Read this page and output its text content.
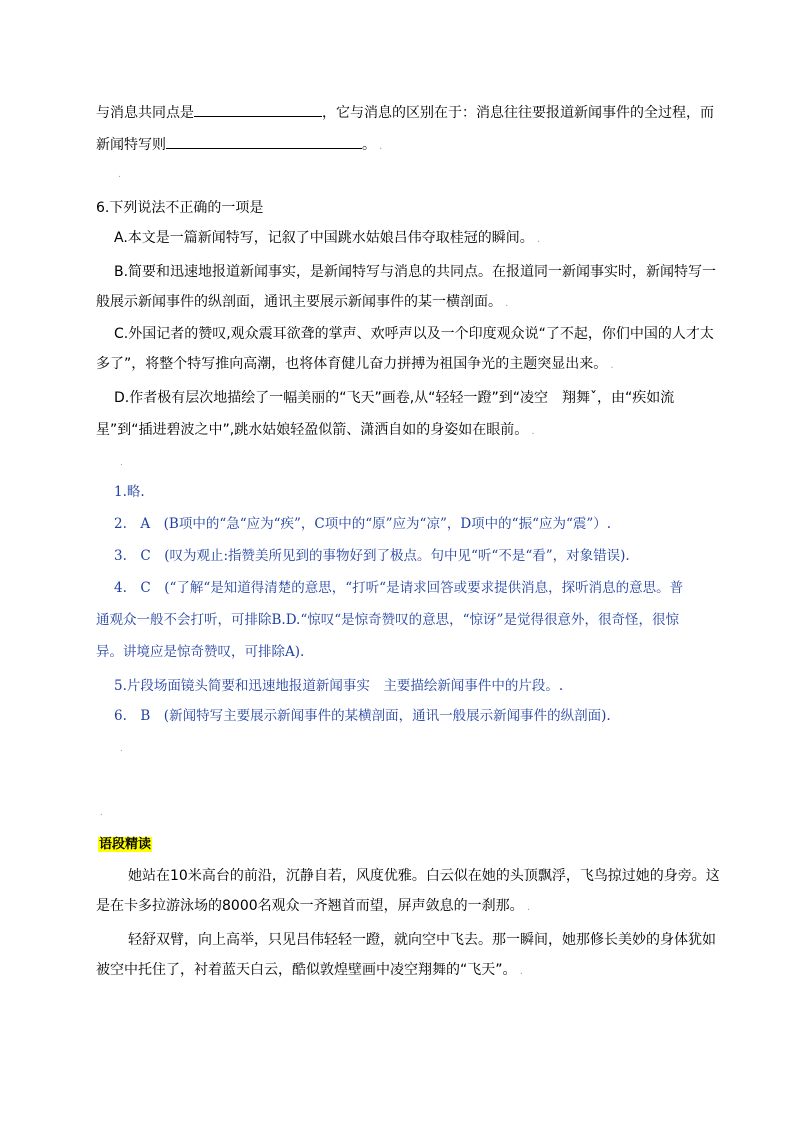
与消息共同点是	，它与消息的区别在于：消息往往要报道新闻事件的全过程，而
新闻特写则	。 .
.
6.下列说法不正确的一项是
A.本文是一篇新闻特写，记叙了中国跳水姑娘吕伟夺取桂冠的瞬间。 .
B.简要和迅速地报道新闻事实，是新闻特写与消息的共同点。在报道同一新闻事实时，新闻特写一
般展示新闻事件的纵剖面，通讯主要展示新闻事件的某一横剖面。 .
C.外国记者的赞叹,观众震耳欲聋的掌声、欢呼声以及一个印度观众说“了不起，你们中国的人才太
多了”，将整个特写推向高潮，也将体育健儿奋力拼搏为祖国争光的主题突显出来。 .
D.作者极有层次地描绘了一幅美丽的“飞天”画卷,从“轻轻一蹬”到“凌空　翔舞ˇ，由“疾如流
星”到“插进碧波之中”,跳水姑娘轻盈似箭、潇洒自如的身姿如在眼前。 .
.
1.略.
2.　A　(B项中的“急“应为“疾”，C项中的“原”应为“凉”，D项中的“振“应为“震”）.
3.　C　(叹为观止:指赞美所见到的事物好到了极点。句中见“听“不是“看”，对象错误).
4.　C　(“了解“是知道得清楚的意思，“打听“是请求回答或要求提供消息，探听消息的意思。普
通观众一般不会打听，可排除B.D.“惊叹“是惊奇赞叹的意思，“惊讶”是觉得很意外，很奇怪，很惊
异。讲境应是惊奇赞叹，可排除A).
5.片段场面镜头简要和迅速地报道新闻事实　主要描绘新闻事件中的片段。.
6.　B　(新闻特写主要展示新闻事件的某横剖面，通讯一般展示新闻事件的纵剖面).
.
.
语段精读
她站在10米高台的前沿，沉静自若，风度优雅。白云似在她的头顶飘浮，飞鸟掠过她的身旁。这
是在卡多拉游泳场的8000名观众一齐翘首而望，屏声敛息的一刹那。 .
轻舒双臂，向上高举，只见吕伟轻轻一蹬，就向空中飞去。那一瞬间，她那修长美妙的身体犹如
被空中托住了，衬着蓝天白云，酷似敦煌壁画中凌空翔舞的“飞天”。 .
